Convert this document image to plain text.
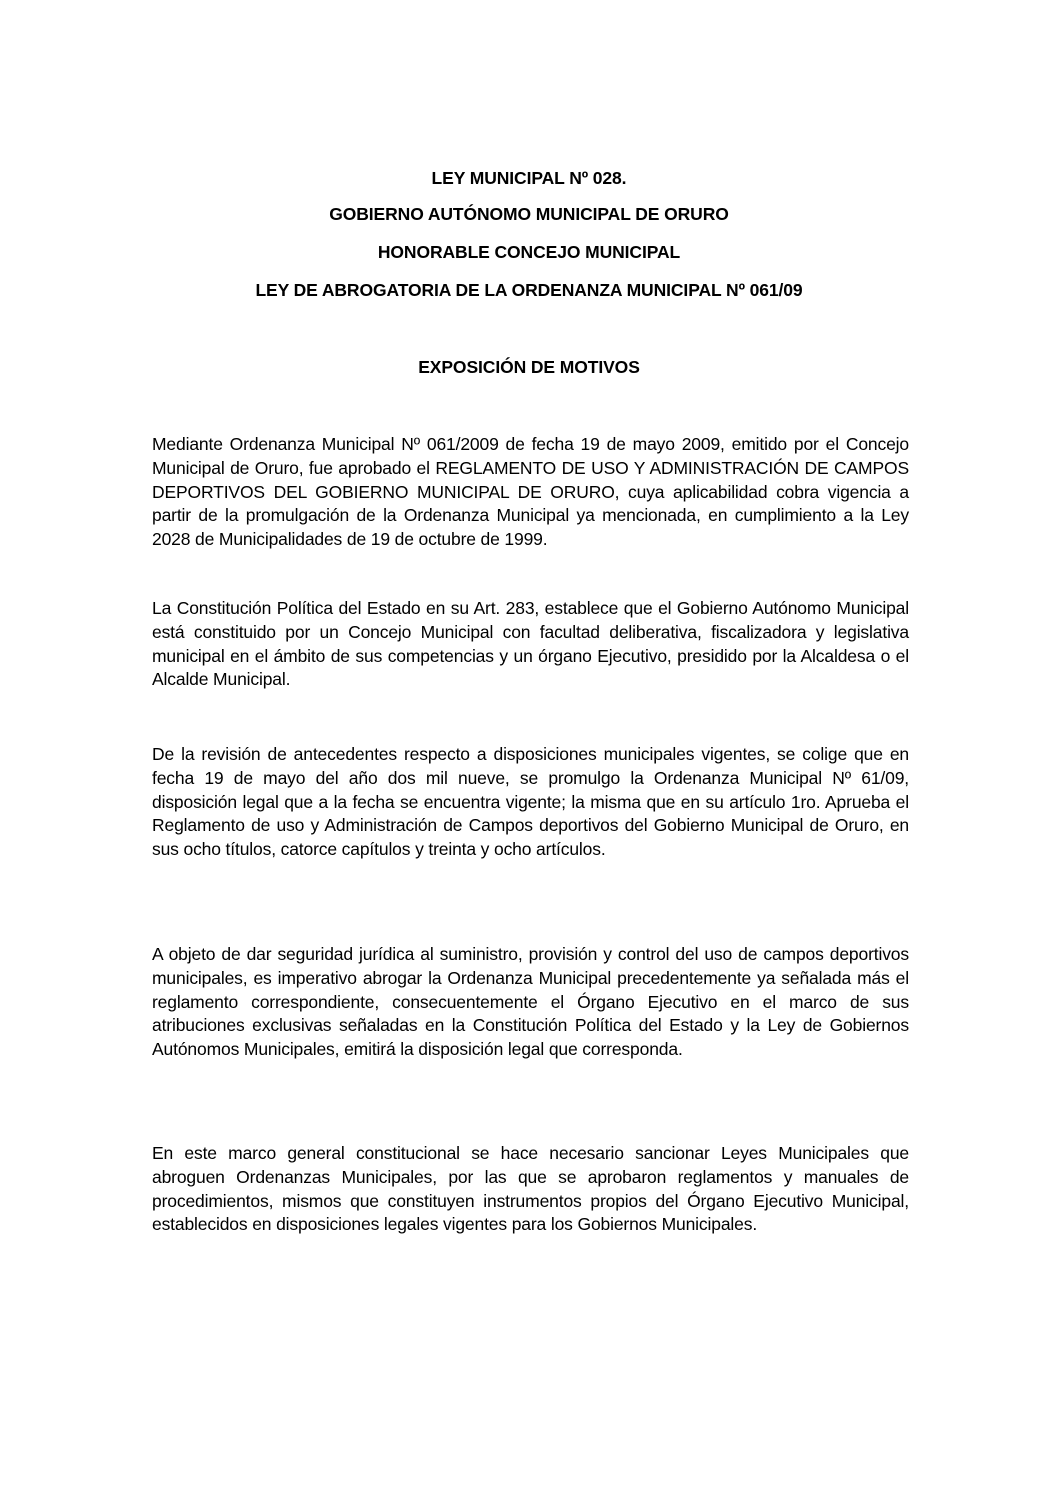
LEY MUNICIPAL Nº 028.
GOBIERNO AUTÓNOMO MUNICIPAL DE ORURO
HONORABLE CONCEJO MUNICIPAL
LEY DE ABROGATORIA DE LA ORDENANZA MUNICIPAL Nº 061/09
EXPOSICIÓN DE MOTIVOS

Mediante Ordenanza Municipal Nº 061/2009 de fecha 19 de mayo 2009, emitido por el Concejo Municipal de Oruro, fue aprobado el REGLAMENTO DE USO Y ADMINISTRACIÓN DE CAMPOS DEPORTIVOS DEL GOBIERNO MUNICIPAL DE ORURO, cuya aplicabilidad cobra vigencia a partir de la promulgación de la Ordenanza Municipal ya mencionada, en cumplimiento a la Ley 2028 de Municipalidades de 19 de octubre de 1999.

La Constitución Política del Estado en su Art. 283, establece que el Gobierno Autónomo Municipal está constituido por un Concejo Municipal con facultad deliberativa, fiscalizadora y legislativa municipal en el ámbito de sus competencias y un órgano Ejecutivo, presidido por la Alcaldesa o el Alcalde Municipal.

De la revisión de antecedentes respecto a disposiciones municipales vigentes, se colige que en fecha 19 de mayo del año dos mil nueve, se promulgo la Ordenanza Municipal Nº 61/09, disposición legal que a la fecha se encuentra vigente; la misma que en su artículo 1ro. Aprueba el Reglamento de uso y Administración de Campos deportivos del Gobierno Municipal de Oruro, en sus ocho títulos, catorce capítulos y treinta y ocho artículos.

A objeto de dar seguridad jurídica al suministro, provisión y control del uso de campos deportivos municipales, es imperativo abrogar la Ordenanza Municipal precedentemente ya señalada más el reglamento correspondiente, consecuentemente el Órgano Ejecutivo en el marco de sus atribuciones exclusivas señaladas en la Constitución Política del Estado y la Ley de Gobiernos Autónomos Municipales, emitirá la disposición legal que corresponda.

En este marco general constitucional se hace necesario sancionar Leyes Municipales que abroguen Ordenanzas Municipales, por las que se aprobaron reglamentos y manuales de procedimientos, mismos que constituyen instrumentos propios del Órgano Ejecutivo Municipal, establecidos en disposiciones legales vigentes para los Gobiernos Municipales.
